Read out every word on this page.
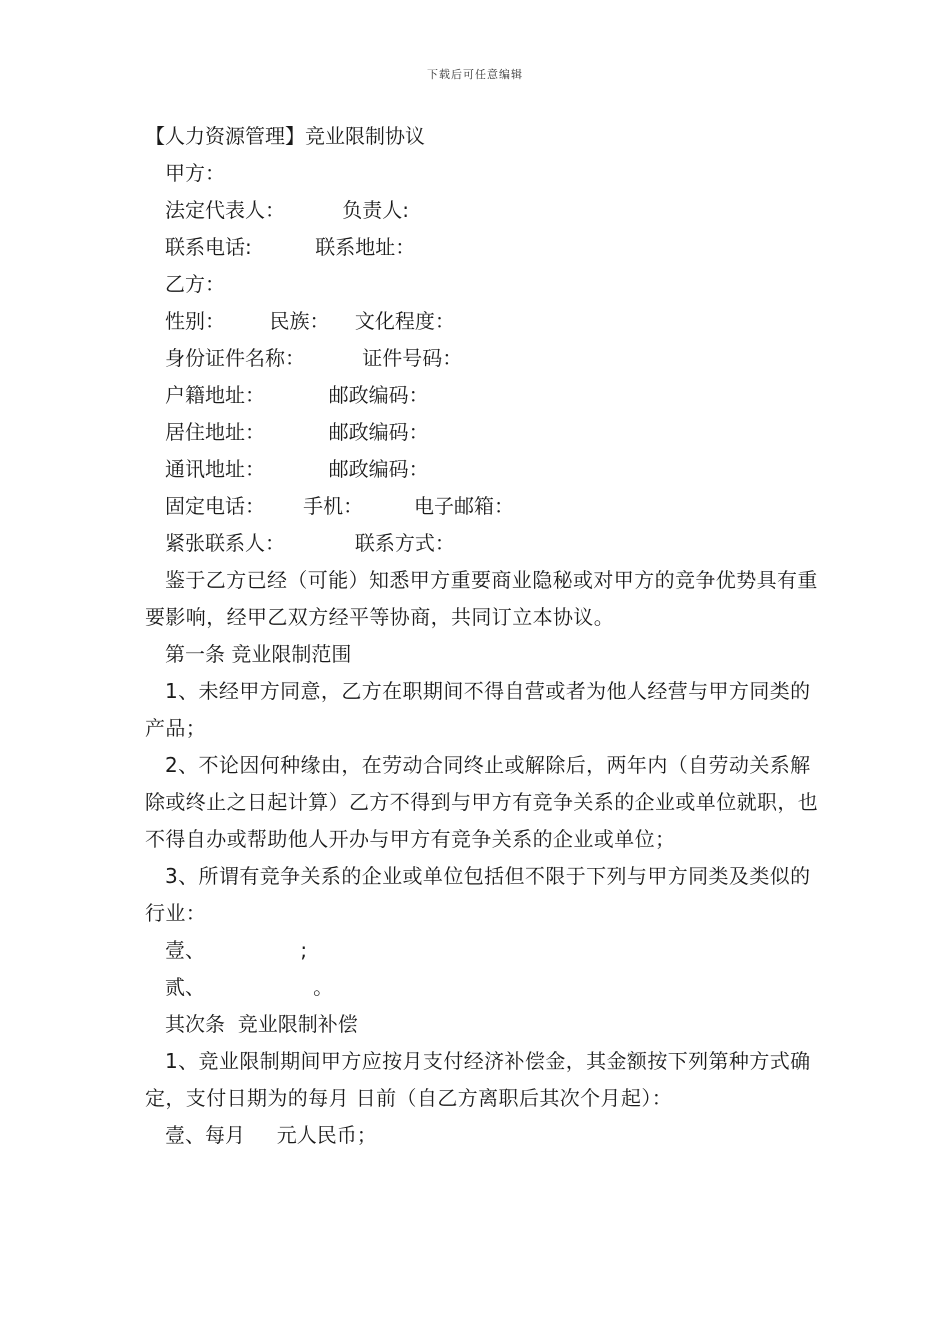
下载后可任意编辑
【人力资源管理】竞业限制协议
甲方：
法定代表人：         负责人:
联系电话:          联系地址：
乙方：
性别：       民族：    文化程度：
身份证件名称：         证件号码：
户籍地址：          邮政编码：
居住地址：          邮政编码：
通讯地址：          邮政编码：
固定电话：      手机：        电子邮箱：
紧张联系人：           联系方式：
鉴于乙方已经（可能）知悉甲方重要商业隐秘或对甲方的竞争优势具有重要影响，经甲乙双方经平等协商，共同订立本协议。
第一条 竞业限制范围
1、未经甲方同意，乙方在职期间不得自营或者为他人经营与甲方同类的产品；
2、不论因何种缘由，在劳动合同终止或解除后，两年内（自劳动关系解除或终止之日起计算）乙方不得到与甲方有竞争关系的企业或单位就职，也不得自办或帮助他人开办与甲方有竞争关系的企业或单位；
3、所谓有竞争关系的企业或单位包括但不限于下列与甲方同类及类似的行业：
壹、               ;
贰、                 。
其次条  竞业限制补偿
1、竞业限制期间甲方应按月支付经济补偿金，其金额按下列第种方式确定，支付日期为的每月 日前（自乙方离职后其次个月起）：
壹、每月     元人民币；
